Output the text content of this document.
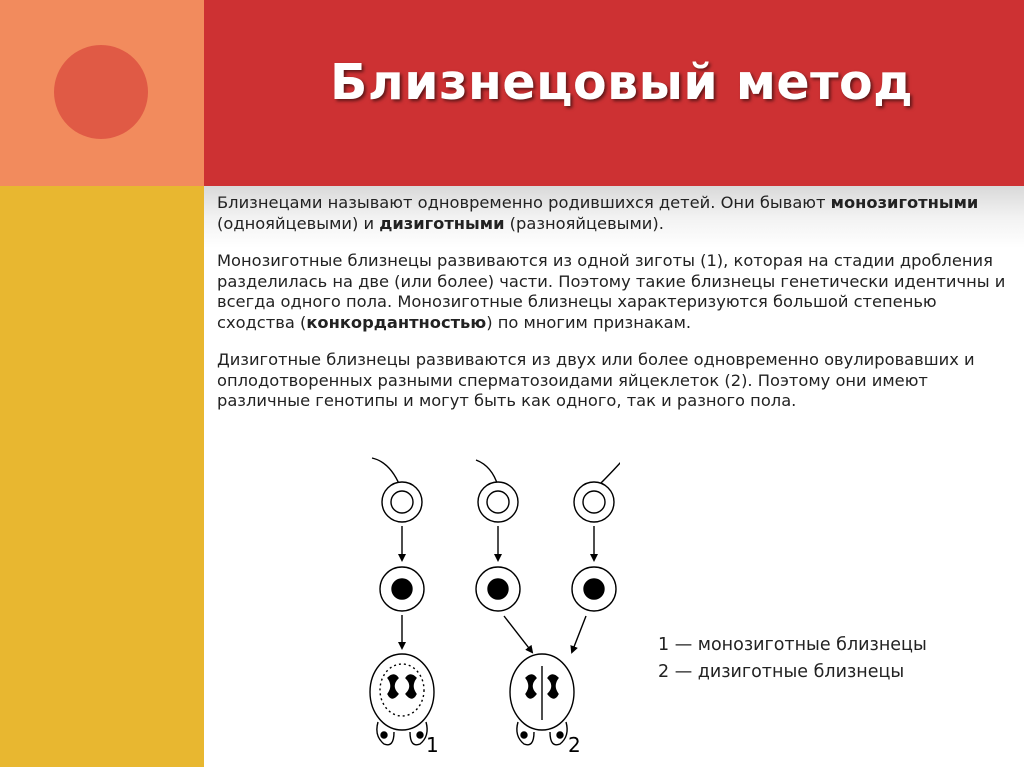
Близнецовый метод

Близнецами называют одновременно родившихся детей. Они бывают монозиготными (однояйцевыми) и дизиготными (разнояйцевыми).

Монозиготные близнецы развиваются из одной зиготы (1), которая на стадии дробления разделилась на две (или более) части. Поэтому такие близнецы генетически идентичны и всегда одного пола. Монозиготные близнецы характеризуются большой степенью сходства (конкордантностью) по многим признакам.

Дизиготные близнецы развиваются из двух или более одновременно овулировавших и оплодотворенных разными сперматозоидами яйцеклеток (2). Поэтому они имеют различные генотипы и могут быть как одного, так и разного пола.

1	2
1 — монозиготные близнецы
2 — дизиготные близнецы
